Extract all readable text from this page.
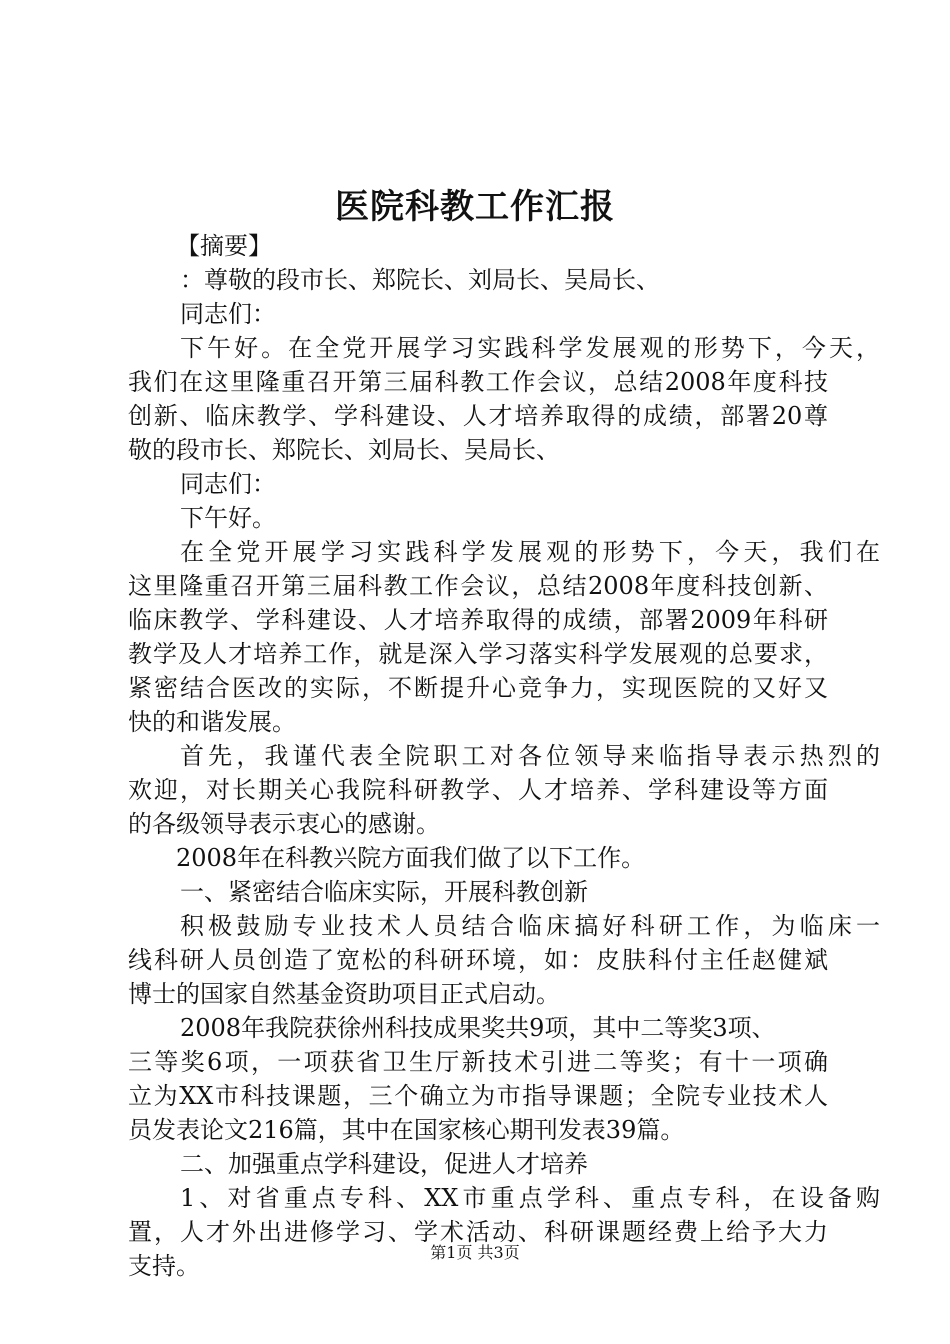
医院科教工作汇报
【摘要】
：尊敬的段市长、郑院长、刘局长、吴局长、
同志们：
下午好。在全党开展学习实践科学发展观的形势下，今天，
我们在这里隆重召开第三届科教工作会议，总结2008年度科技
创新、临床教学、学科建设、人才培养取得的成绩，部署20尊
敬的段市长、郑院长、刘局长、吴局长、
同志们：
下午好。
在全党开展学习实践科学发展观的形势下，今天，我们在
这里隆重召开第三届科教工作会议，总结2008年度科技创新、
临床教学、学科建设、人才培养取得的成绩，部署2009年科研
教学及人才培养工作，就是深入学习落实科学发展观的总要求，
紧密结合医改的实际，不断提升心竞争力，实现医院的又好又
快的和谐发展。
首先，我谨代表全院职工对各位领导来临指导表示热烈的
欢迎，对长期关心我院科研教学、人才培养、学科建设等方面
的各级领导表示衷心的感谢。
2008年在科教兴院方面我们做了以下工作。
一、紧密结合临床实际，开展科教创新
积极鼓励专业技术人员结合临床搞好科研工作，为临床一
线科研人员创造了宽松的科研环境，如：皮肤科付主任赵健斌
博士的国家自然基金资助项目正式启动。
2008年我院获徐州科技成果奖共9项，其中二等奖3项、
三等奖6项，一项获省卫生厅新技术引进二等奖；有十一项确
立为XX市科技课题，三个确立为市指导课题；全院专业技术人
员发表论文216篇，其中在国家核心期刊发表39篇。
二、加强重点学科建设，促进人才培养
1、对省重点专科、XX市重点学科、重点专科，在设备购
置，人才外出进修学习、学术活动、科研课题经费上给予大力
支持。	第1页 共3页
